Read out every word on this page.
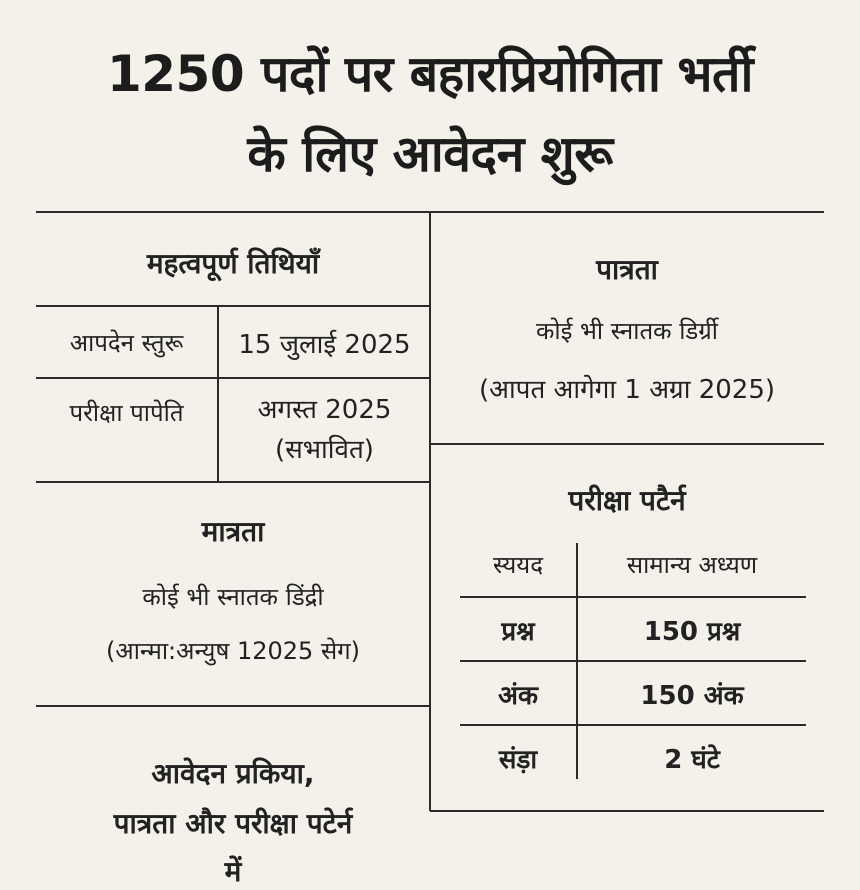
1250 पदों पर बहारप्रियोगिता भर्ती
के लिए आवेदन शुरू
महत्वपूर्ण तिथियाँ
आपदेन स्तुरू	15 जुलाई 2025
परीक्षा पापेति	अगस्त 2025
(सभावित)
मात्रता
कोई भी स्नातक डिंद्री
(आन्मा:अन्युष 12025 सेग)
आवेदन प्रकिया,
पात्रता और परीक्षा पटेर्न
में
पात्रता
कोई भी स्नातक डिर्ग्री
(आपत आगेगा 1 अग्रा 2025)
परीक्षा पटैर्न
स्ययद	सामान्य अध्यण
प्रश्न	150 प्रश्न
अंक	150 अंक
संड़ा	2 घंटे
